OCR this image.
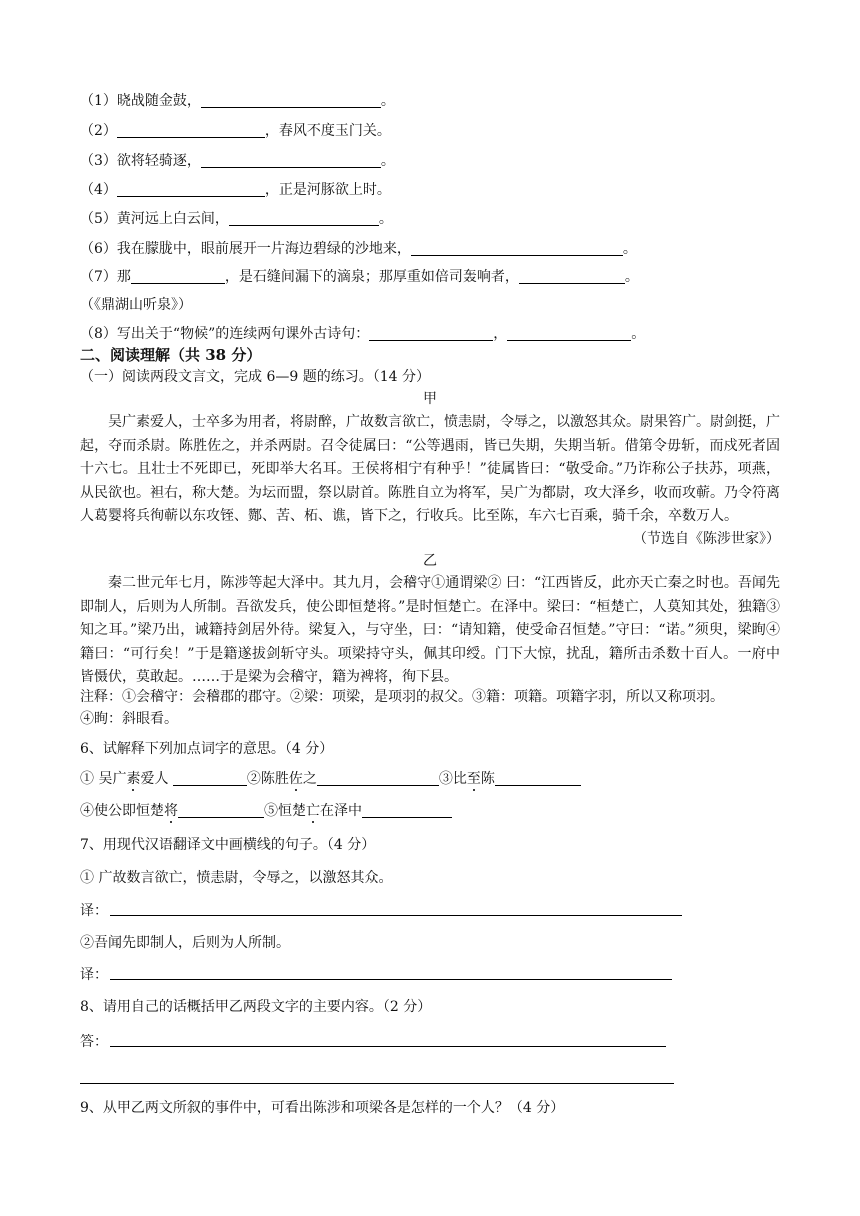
（1）晓战随金鼓，	。
（2）	，春风不度玉门关。
（3）欲将轻骑逐，	。
（4）	，正是河豚欲上时。
（5）黄河远上白云间，	。
（6）我在朦胧中，眼前展开一片海边碧绿的沙地来，	。
（7）那	，是石缝间漏下的滴泉；那厚重如倍司轰响者，	。
（《鼎湖山听泉》）
（8）写出关于“物候”的连续两句课外古诗句：	，	。
二、阅读理解（共 38 分）
（一）阅读两段文言文，完成 6—9 题的练习。（14 分）
甲

吴广素爱人，士卒多为用者，将尉醉，广故数言欲亡，愤恚尉，令辱之，以激怒其众。尉果笞广。尉剑挺，广起，夺而杀尉。陈胜佐之，并杀两尉。召令徒属曰：“公等遇雨，皆已失期，失期当斩。借第令毋斩，而戍死者固十六七。且壮士不死即已，死即举大名耳。王侯将相宁有种乎！”徒属皆曰：“敬受命。”乃诈称公子扶苏，项燕，从民欲也。袒右，称大楚。为坛而盟，祭以尉首。陈胜自立为将军，吴广为都尉，攻大泽乡，收而攻蕲。乃令符离人葛婴将兵徇蕲以东攻铚、酂、苦、柘、谯，皆下之，行收兵。比至陈，车六七百乘，骑千余，卒数万人。

（节选自《陈涉世家》）
乙

秦二世元年七月，陈涉等起大泽中。其九月，会稽守①通谓梁② 曰：“江西皆反，此亦天亡秦之时也。吾闻先即制人，后则为人所制。吾欲发兵，使公即恒楚将。”是时恒楚亡。在泽中。梁曰：“桓楚亡，人莫知其处，独籍③知之耳。”梁乃出，诫籍持剑居外待。梁复入，与守坐，曰：“请知籍，使受命召恒楚。”守曰：“诺。”须臾，梁眴④籍曰：“可行矣！”于是籍遂拔剑斩守头。项梁持守头，佩其印绶。门下大惊，扰乱，籍所击杀数十百人。一府中皆慑伏，莫敢起。……于是梁为会稽守，籍为裨将，徇下县。

注释：①会稽守：会稽郡的郡守。②梁：项梁，是项羽的叔父。③籍：项籍。项籍字羽，所以又称项羽。
④眴：斜眼看。
6、试解释下列加点词字的意思。（4 分）
① 吴广素爱人	②陈胜佐之	③比至陈
④使公即恒楚将	⑤恒楚亡在泽中
7、用现代汉语翻译文中画横线的句子。（4 分）
① 广故数言欲亡，愤恚尉，令辱之，以激怒其众。
译：
②吾闻先即制人，后则为人所制。
译：
8、请用自己的话概括甲乙两段文字的主要内容。（2 分）
答：
9、从甲乙两文所叙的事件中，可看出陈涉和项梁各是怎样的一个人？（4 分）
